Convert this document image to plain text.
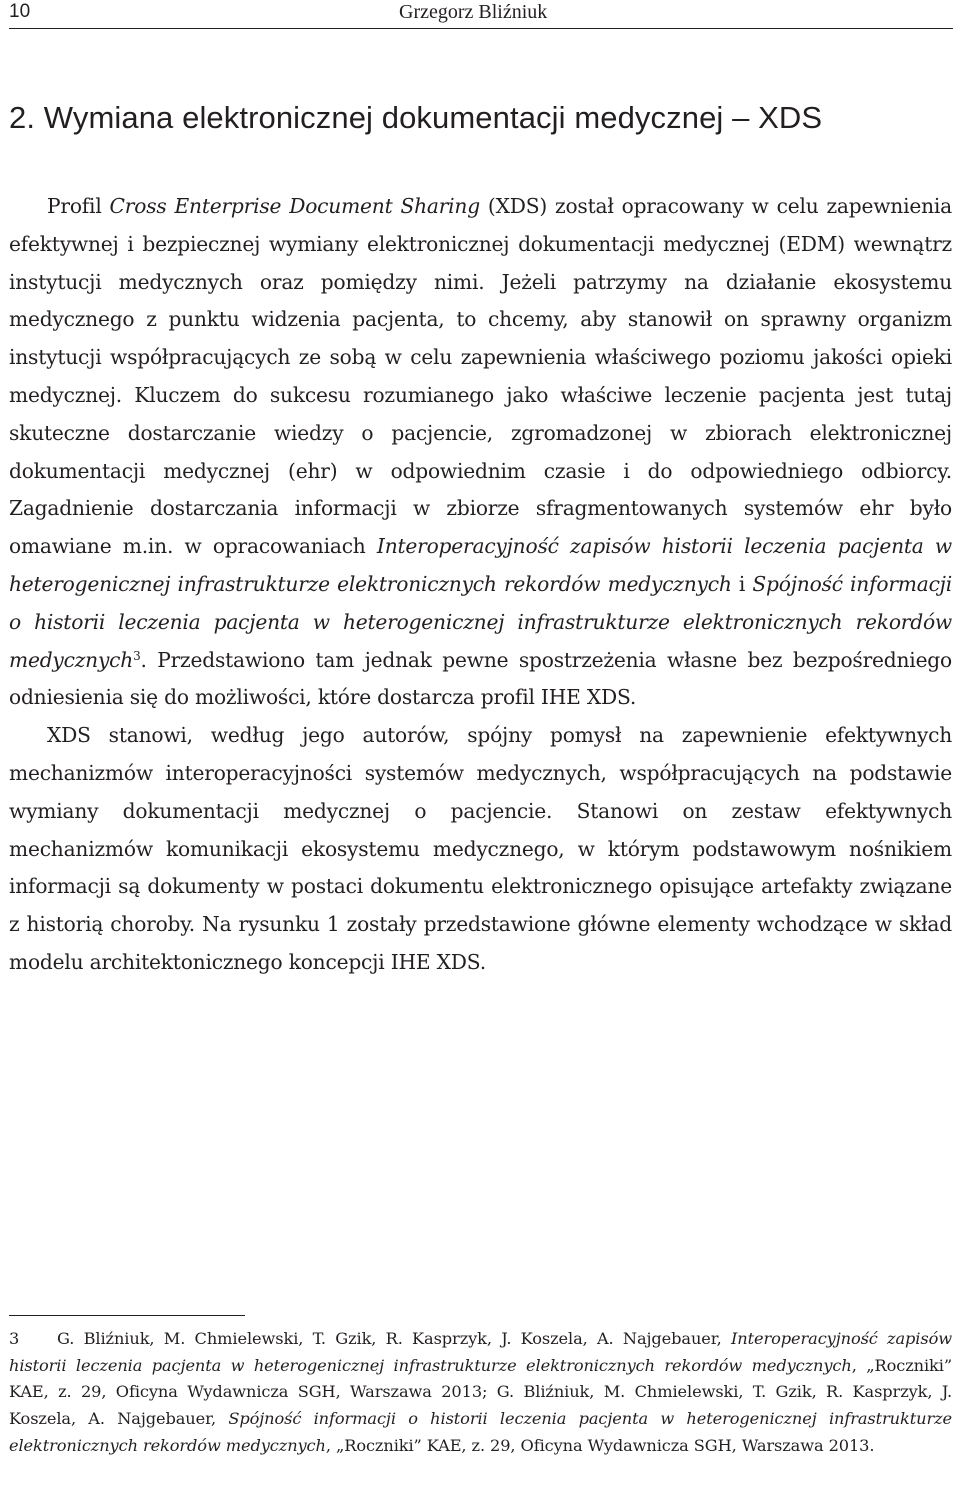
10	Grzegorz Bliźniuk
2. Wymiana elektronicznej dokumentacji medycznej – XDS

Profil Cross Enterprise Document Sharing (XDS) został opracowany w celu zapewnienia efektywnej i bezpiecznej wymiany elektronicznej dokumentacji medycznej (EDM) wewnątrz instytucji medycznych oraz pomiędzy nimi. Jeżeli patrzymy na działanie ekosystemu medycznego z punktu widzenia pacjenta, to chcemy, aby stanowił on sprawny organizm instytucji współpracujących ze sobą w celu zapewnienia właściwego poziomu jakości opieki medycznej. Kluczem do sukcesu rozumianego jako właściwe leczenie pacjenta jest tutaj skuteczne dostarczanie wiedzy o pacjencie, zgromadzonej w zbiorach elektronicznej dokumentacji medycznej (ehr) w odpowiednim czasie i do odpowiedniego odbiorcy. Zagadnienie dostarczania informacji w zbiorze sfragmentowanych systemów ehr było omawiane m.in. w opracowaniach Interoperacyjność zapisów historii leczenia pacjenta w heterogenicznej infrastrukturze elektronicznych rekordów medycznych i Spójność informacji o historii leczenia pacjenta w heterogenicznej infrastrukturze elektronicznych rekordów medycznych$^3$. Przedstawiono tam jednak pewne spostrzeżenia własne bez bezpośredniego odniesienia się do możliwości, które dostarcza profil IHE XDS.

XDS stanowi, według jego autorów, spójny pomysł na zapewnienie efektywnych mechanizmów interoperacyjności systemów medycznych, współpracujących na podstawie wymiany dokumentacji medycznej o pacjencie. Stanowi on zestaw efektywnych mechanizmów komunikacji ekosystemu medycznego, w którym podstawowym nośnikiem informacji są dokumenty w postaci dokumentu elektronicznego opisujące artefakty związane z historią choroby. Na rysunku 1 zostały przedstawione główne elementy wchodzące w skład modelu architektonicznego koncepcji IHE XDS.

3 G. Bliźniuk, M. Chmielewski, T. Gzik, R. Kasprzyk, J. Koszela, A. Najgebauer, Interoperacyjność zapisów historii leczenia pacjenta w heterogenicznej infrastrukturze elektronicznych rekordów medycznych, „Roczniki” KAE, z. 29, Oficyna Wydawnicza SGH, Warszawa 2013; G. Bliźniuk, M. Chmielewski, T. Gzik, R. Kasprzyk, J. Koszela, A. Najgebauer, Spójność informacji o historii leczenia pacjenta w heterogenicznej infrastrukturze elektronicznych rekordów medycznych, „Roczniki” KAE, z. 29, Oficyna Wydawnicza SGH, Warszawa 2013.
